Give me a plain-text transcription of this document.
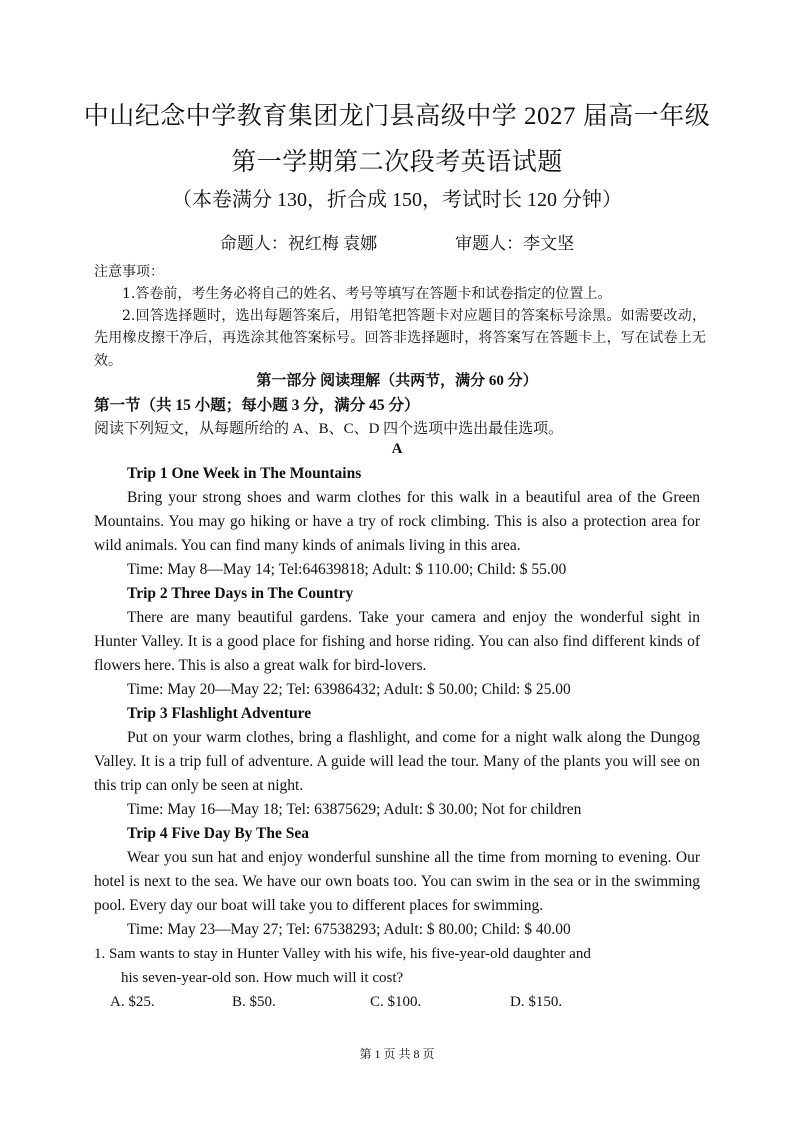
中山纪念中学教育集团龙门县高级中学 2027 届高一年级
第一学期第二次段考英语试题
（本卷满分 130，折合成 150，考试时长 120 分钟）
命题人：祝红梅 袁娜	审题人：李文坚
注意事项：
1.答卷前，考生务必将自己的姓名、考号等填写在答题卡和试卷指定的位置上。
2.回答选择题时，选出每题答案后，用铅笔把答题卡对应题目的答案标号涂黑。如需要改动，先用橡皮擦干净后，再选涂其他答案标号。回答非选择题时，将答案写在答题卡上，写在试卷上无效。
第一部分 阅读理解（共两节，满分 60 分）
第一节（共 15 小题；每小题 3 分，满分 45 分）
阅读下列短文，从每题所给的 A、B、C、D 四个选项中选出最佳选项。
A
Trip 1 One Week in The Mountains
Bring your strong shoes and warm clothes for this walk in a beautiful area of the Green Mountains. You may go hiking or have a try of rock climbing. This is also a protection area for wild animals. You can find many kinds of animals living in this area.
Time: May 8—May 14; Tel:64639818; Adult: $ 110.00; Child: $ 55.00
Trip 2 Three Days in The Country
There are many beautiful gardens. Take your camera and enjoy the wonderful sight in Hunter Valley. It is a good place for fishing and horse riding. You can also find different kinds of flowers here. This is also a great walk for bird-lovers.
Time: May 20—May 22; Tel: 63986432; Adult: $ 50.00; Child: $ 25.00
Trip 3 Flashlight Adventure
Put on your warm clothes, bring a flashlight, and come for a night walk along the Dungog Valley. It is a trip full of adventure. A guide will lead the tour. Many of the plants you will see on this trip can only be seen at night.
Time: May 16—May 18; Tel: 63875629; Adult: $ 30.00; Not for children
Trip 4 Five Day By The Sea
Wear you sun hat and enjoy wonderful sunshine all the time from morning to evening. Our hotel is next to the sea. We have our own boats too. You can swim in the sea or in the swimming pool. Every day our boat will take you to different places for swimming.
Time: May 23—May 27; Tel: 67538293; Adult: $ 80.00; Child: $ 40.00
1. Sam wants to stay in Hunter Valley with his wife, his five-year-old daughter and
his seven-year-old son. How much will it cost?
A. $25.	B. $50.	C. $100.	D. $150.
第 1 页 共 8 页
